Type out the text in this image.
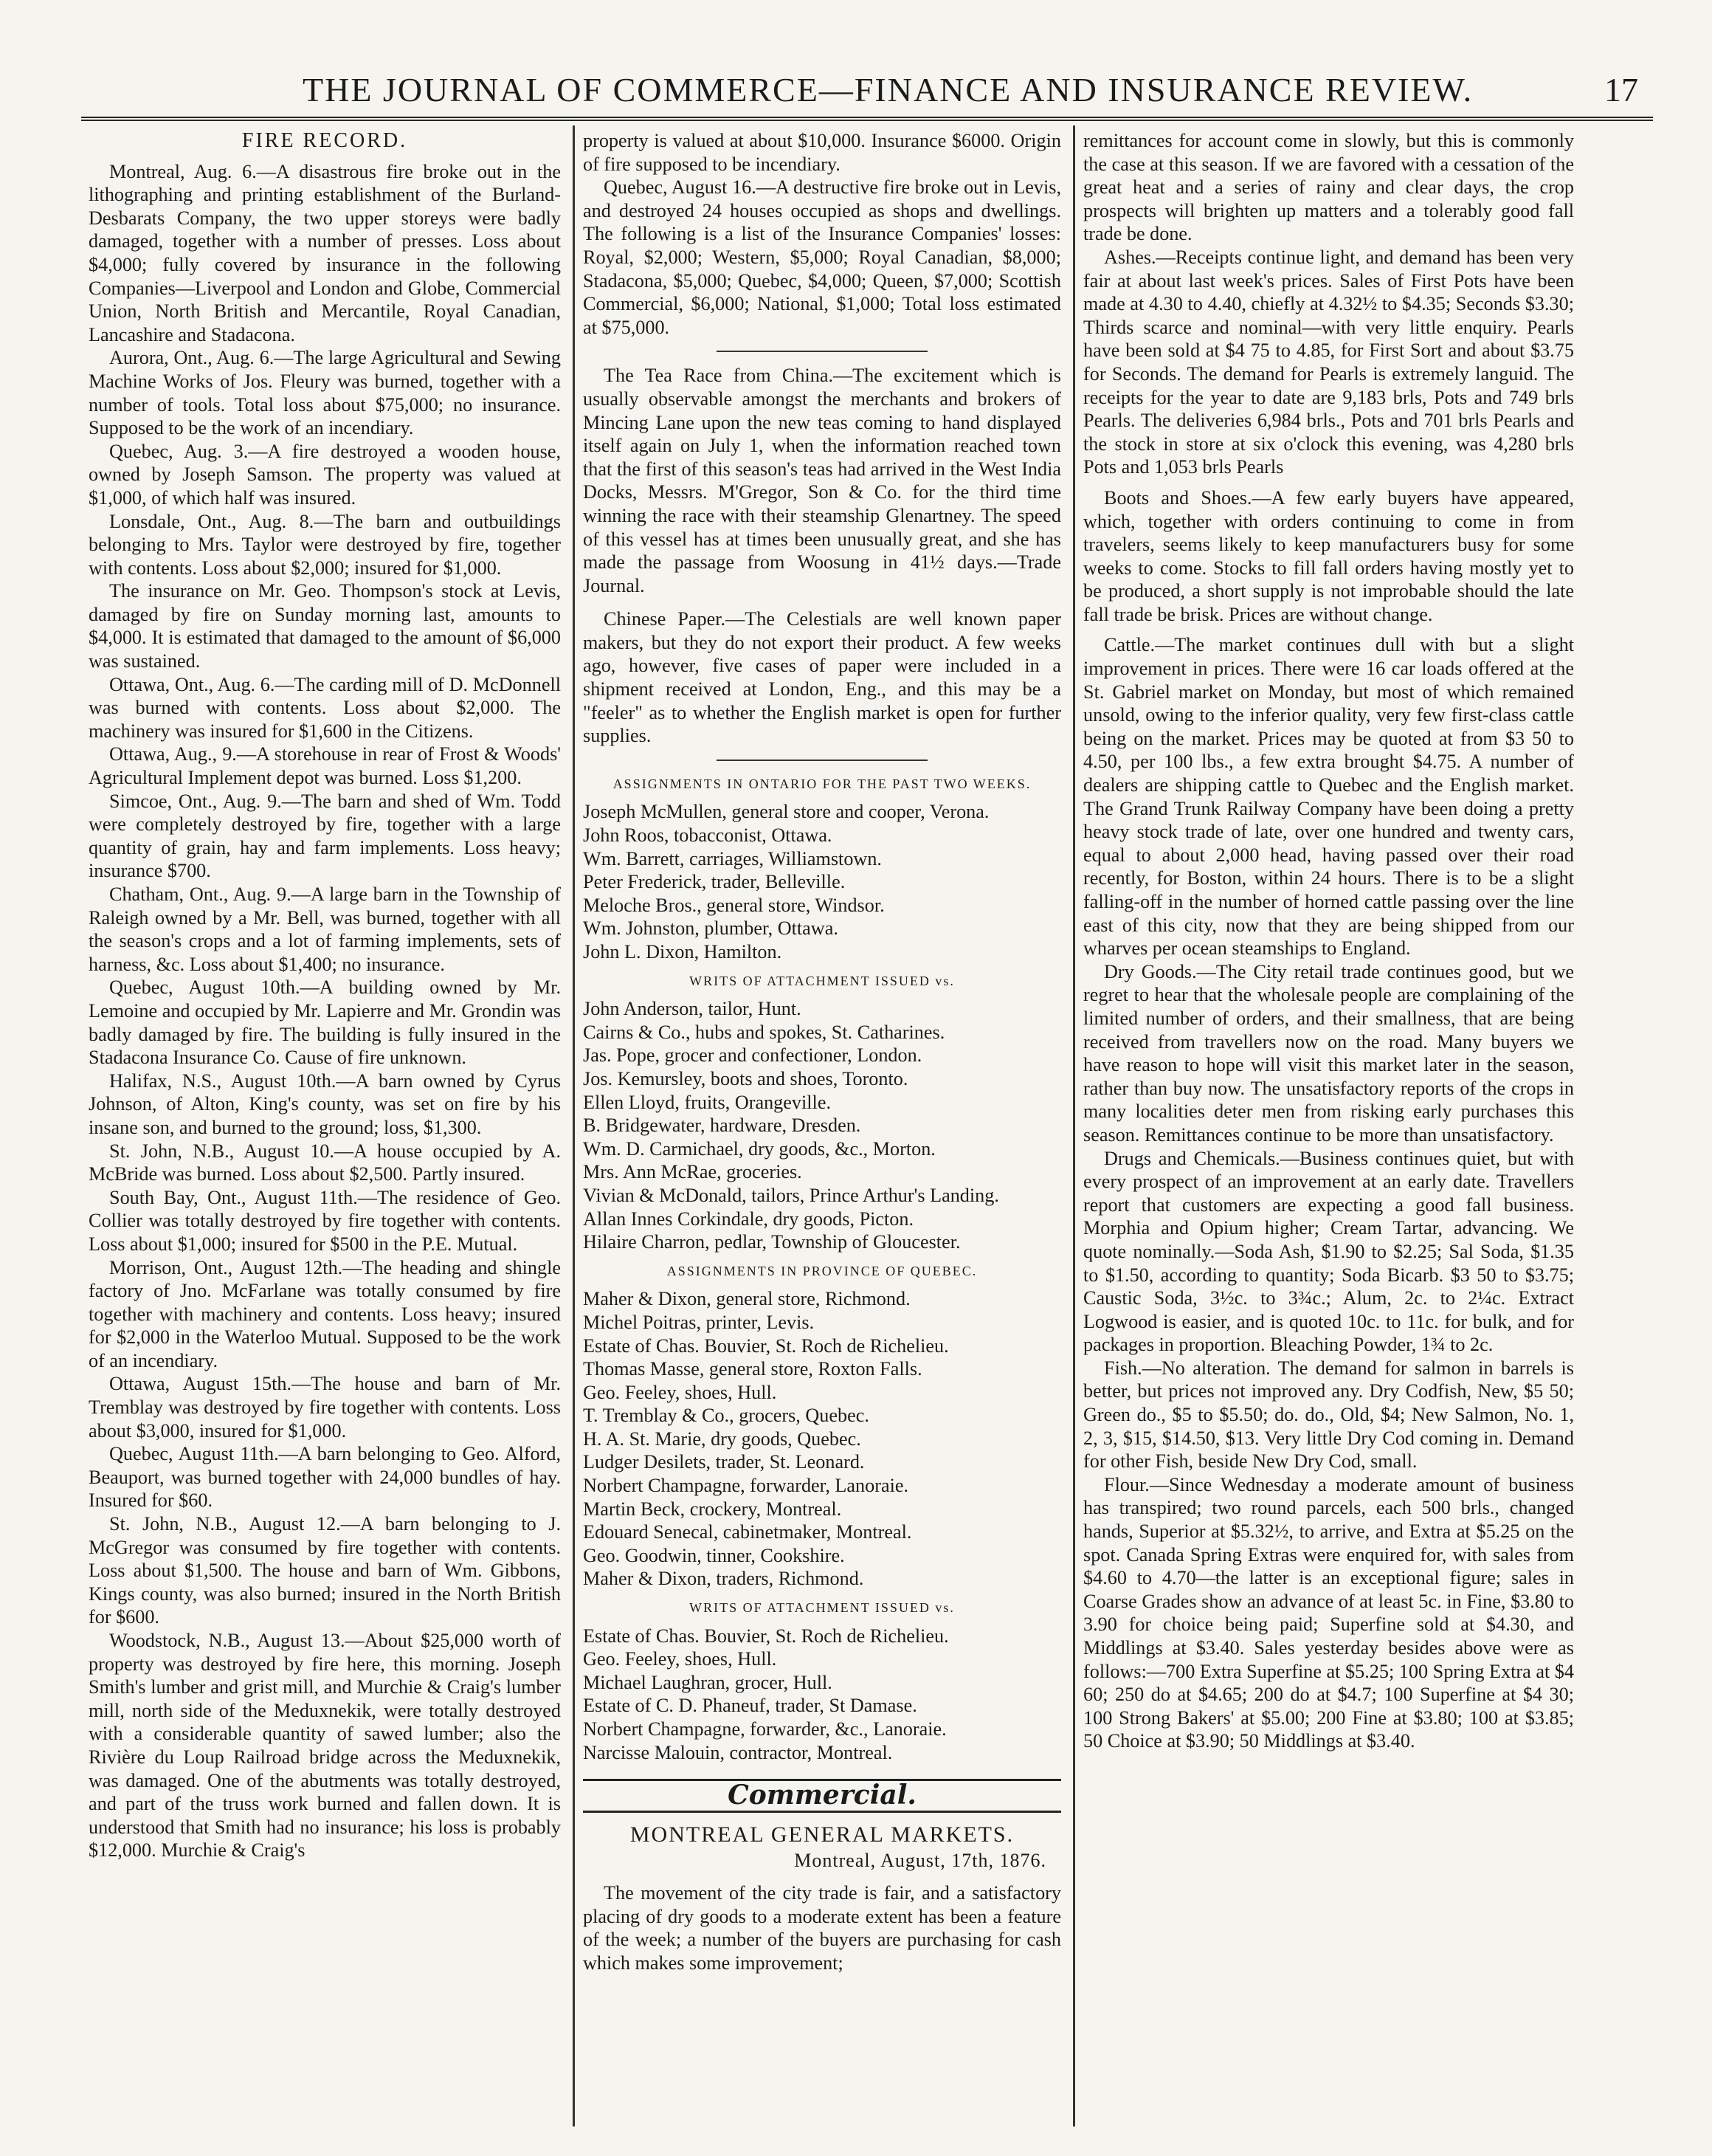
THE JOURNAL OF COMMERCE—FINANCE AND INSURANCE REVIEW.	17
FIRE RECORD.

Montreal, Aug. 6.—A disastrous fire broke out in the lithographing and printing establishment of the Burland-Desbarats Company, the two upper storeys were badly damaged, together with a number of presses. Loss about $4,000; fully covered by insurance in the following Companies—Liverpool and London and Globe, Commercial Union, North British and Mercantile, Royal Canadian, Lancashire and Stadacona.

Aurora, Ont., Aug. 6.—The large Agricultural and Sewing Machine Works of Jos. Fleury was burned, together with a number of tools. Total loss about $75,000; no insurance. Supposed to be the work of an incendiary.

Quebec, Aug. 3.—A fire destroyed a wooden house, owned by Joseph Samson. The property was valued at $1,000, of which half was insured.

Lonsdale, Ont., Aug. 8.—The barn and outbuildings belonging to Mrs. Taylor were destroyed by fire, together with contents. Loss about $2,000; insured for $1,000.

The insurance on Mr. Geo. Thompson's stock at Levis, damaged by fire on Sunday morning last, amounts to $4,000. It is estimated that damaged to the amount of $6,000 was sustained.

Ottawa, Ont., Aug. 6.—The carding mill of D. McDonnell was burned with contents. Loss about $2,000. The machinery was insured for $1,600 in the Citizens.

Ottawa, Aug., 9.—A storehouse in rear of Frost & Woods' Agricultural Implement depot was burned. Loss $1,200.

Simcoe, Ont., Aug. 9.—The barn and shed of Wm. Todd were completely destroyed by fire, together with a large quantity of grain, hay and farm implements. Loss heavy; insurance $700.

Chatham, Ont., Aug. 9.—A large barn in the Township of Raleigh owned by a Mr. Bell, was burned, together with all the season's crops and a lot of farming implements, sets of harness, &c. Loss about $1,400; no insurance.

Quebec, August 10th.—A building owned by Mr. Lemoine and occupied by Mr. Lapierre and Mr. Grondin was badly damaged by fire. The building is fully insured in the Stadacona Insurance Co. Cause of fire unknown.

Halifax, N.S., August 10th.—A barn owned by Cyrus Johnson, of Alton, King's county, was set on fire by his insane son, and burned to the ground; loss, $1,300.

St. John, N.B., August 10.—A house occupied by A. McBride was burned. Loss about $2,500. Partly insured.

South Bay, Ont., August 11th.—The residence of Geo. Collier was totally destroyed by fire together with contents. Loss about $1,000; insured for $500 in the P.E. Mutual.

Morrison, Ont., August 12th.—The heading and shingle factory of Jno. McFarlane was totally consumed by fire together with machinery and contents. Loss heavy; insured for $2,000 in the Waterloo Mutual. Supposed to be the work of an incendiary.

Ottawa, August 15th.—The house and barn of Mr. Tremblay was destroyed by fire together with contents. Loss about $3,000, insured for $1,000.

Quebec, August 11th.—A barn belonging to Geo. Alford, Beauport, was burned together with 24,000 bundles of hay. Insured for $60.

St. John, N.B., August 12.—A barn belonging to J. McGregor was consumed by fire together with contents. Loss about $1,500. The house and barn of Wm. Gibbons, Kings county, was also burned; insured in the North British for $600.

Woodstock, N.B., August 13.—About $25,000 worth of property was destroyed by fire here, this morning. Joseph Smith's lumber and grist mill, and Murchie & Craig's lumber mill, north side of the Meduxnekik, were totally destroyed with a considerable quantity of sawed lumber; also the Rivière du Loup Railroad bridge across the Meduxnekik, was damaged. One of the abutments was totally destroyed, and part of the truss work burned and fallen down. It is understood that Smith had no insurance; his loss is probably $12,000. Murchie & Craig's

property is valued at about $10,000. Insurance $6000. Origin of fire supposed to be incendiary.

Quebec, August 16.—A destructive fire broke out in Levis, and destroyed 24 houses occupied as shops and dwellings. The following is a list of the Insurance Companies' losses: Royal, $2,000; Western, $5,000; Royal Canadian, $8,000; Stadacona, $5,000; Quebec, $4,000; Queen, $7,000; Scottish Commercial, $6,000; National, $1,000; Total loss estimated at $75,000.

The Tea Race from China.—The excitement which is usually observable amongst the merchants and brokers of Mincing Lane upon the new teas coming to hand displayed itself again on July 1, when the information reached town that the first of this season's teas had arrived in the West India Docks, Messrs. M'Gregor, Son & Co. for the third time winning the race with their steamship Glenartney. The speed of this vessel has at times been unusually great, and she has made the passage from Woosung in 41½ days.—Trade Journal.

Chinese Paper.—The Celestials are well known paper makers, but they do not export their product. A few weeks ago, however, five cases of paper were included in a shipment received at London, Eng., and this may be a "feeler" as to whether the English market is open for further supplies.

ASSIGNMENTS IN ONTARIO FOR THE PAST TWO WEEKS.

Joseph McMullen, general store and cooper, Verona.

John Roos, tobacconist, Ottawa.

Wm. Barrett, carriages, Williamstown.

Peter Frederick, trader, Belleville.

Meloche Bros., general store, Windsor.

Wm. Johnston, plumber, Ottawa.

John L. Dixon, Hamilton.

WRITS OF ATTACHMENT ISSUED vs.

John Anderson, tailor, Hunt.

Cairns & Co., hubs and spokes, St. Catharines.

Jas. Pope, grocer and confectioner, London.

Jos. Kemursley, boots and shoes, Toronto.

Ellen Lloyd, fruits, Orangeville.

B. Bridgewater, hardware, Dresden.

Wm. D. Carmichael, dry goods, &c., Morton.

Mrs. Ann McRae, groceries.

Vivian & McDonald, tailors, Prince Arthur's Landing.

Allan Innes Corkindale, dry goods, Picton.

Hilaire Charron, pedlar, Township of Gloucester.

ASSIGNMENTS IN PROVINCE OF QUEBEC.

Maher & Dixon, general store, Richmond.

Michel Poitras, printer, Levis.

Estate of Chas. Bouvier, St. Roch de Richelieu.

Thomas Masse, general store, Roxton Falls.

Geo. Feeley, shoes, Hull.

T. Tremblay & Co., grocers, Quebec.

H. A. St. Marie, dry goods, Quebec.

Ludger Desilets, trader, St. Leonard.

Norbert Champagne, forwarder, Lanoraie.

Martin Beck, crockery, Montreal.

Edouard Senecal, cabinetmaker, Montreal.

Geo. Goodwin, tinner, Cookshire.

Maher & Dixon, traders, Richmond.

WRITS OF ATTACHMENT ISSUED vs.

Estate of Chas. Bouvier, St. Roch de Richelieu.

Geo. Feeley, shoes, Hull.

Michael Laughran, grocer, Hull.

Estate of C. D. Phaneuf, trader, St Damase.

Norbert Champagne, forwarder, &c., Lanoraie.

Narcisse Malouin, contractor, Montreal.

Commercial.
MONTREAL GENERAL MARKETS.
Montreal, August, 17th, 1876.

The movement of the city trade is fair, and a satisfactory placing of dry goods to a moderate extent has been a feature of the week; a number of the buyers are purchasing for cash which makes some improvement;

remittances for account come in slowly, but this is commonly the case at this season. If we are favored with a cessation of the great heat and a series of rainy and clear days, the crop prospects will brighten up matters and a tolerably good fall trade be done.

Ashes.—Receipts continue light, and demand has been very fair at about last week's prices. Sales of First Pots have been made at 4.30 to 4.40, chiefly at 4.32½ to $4.35; Seconds $3.30; Thirds scarce and nominal—with very little enquiry. Pearls have been sold at $4 75 to 4.85, for First Sort and about $3.75 for Seconds. The demand for Pearls is extremely languid. The receipts for the year to date are 9,183 brls, Pots and 749 brls Pearls. The deliveries 6,984 brls., Pots and 701 brls Pearls and the stock in store at six o'clock this evening, was 4,280 brls Pots and 1,053 brls Pearls

Boots and Shoes.—A few early buyers have appeared, which, together with orders continuing to come in from travelers, seems likely to keep manufacturers busy for some weeks to come. Stocks to fill fall orders having mostly yet to be produced, a short supply is not improbable should the late fall trade be brisk. Prices are without change.

Cattle.—The market continues dull with but a slight improvement in prices. There were 16 car loads offered at the St. Gabriel market on Monday, but most of which remained unsold, owing to the inferior quality, very few first-class cattle being on the market. Prices may be quoted at from $3 50 to 4.50, per 100 lbs., a few extra brought $4.75. A number of dealers are shipping cattle to Quebec and the English market. The Grand Trunk Railway Company have been doing a pretty heavy stock trade of late, over one hundred and twenty cars, equal to about 2,000 head, having passed over their road recently, for Boston, within 24 hours. There is to be a slight falling-off in the number of horned cattle passing over the line east of this city, now that they are being shipped from our wharves per ocean steamships to England.

Dry Goods.—The City retail trade continues good, but we regret to hear that the wholesale people are complaining of the limited number of orders, and their smallness, that are being received from travellers now on the road. Many buyers we have reason to hope will visit this market later in the season, rather than buy now. The unsatisfactory reports of the crops in many localities deter men from risking early purchases this season. Remittances continue to be more than unsatisfactory.

Drugs and Chemicals.—Business continues quiet, but with every prospect of an improvement at an early date. Travellers report that customers are expecting a good fall business. Morphia and Opium higher; Cream Tartar, advancing. We quote nominally.—Soda Ash, $1.90 to $2.25; Sal Soda, $1.35 to $1.50, according to quantity; Soda Bicarb. $3 50 to $3.75; Caustic Soda, 3½c. to 3¾c.; Alum, 2c. to 2¼c. Extract Logwood is easier, and is quoted 10c. to 11c. for bulk, and for packages in proportion. Bleaching Powder, 1¾ to 2c.

Fish.—No alteration. The demand for salmon in barrels is better, but prices not improved any. Dry Codfish, New, $5 50; Green do., $5 to $5.50; do. do., Old, $4; New Salmon, No. 1, 2, 3, $15, $14.50, $13. Very little Dry Cod coming in. Demand for other Fish, beside New Dry Cod, small.

Flour.—Since Wednesday a moderate amount of business has transpired; two round parcels, each 500 brls., changed hands, Superior at $5.32½, to arrive, and Extra at $5.25 on the spot. Canada Spring Extras were enquired for, with sales from $4.60 to 4.70—the latter is an exceptional figure; sales in Coarse Grades show an advance of at least 5c. in Fine, $3.80 to 3.90 for choice being paid; Superfine sold at $4.30, and Middlings at $3.40. Sales yesterday besides above were as follows:—700 Extra Superfine at $5.25; 100 Spring Extra at $4 60; 250 do at $4.65; 200 do at $4.7; 100 Superfine at $4 30; 100 Strong Bakers' at $5.00; 200 Fine at $3.80; 100 at $3.85; 50 Choice at $3.90; 50 Middlings at $3.40.
